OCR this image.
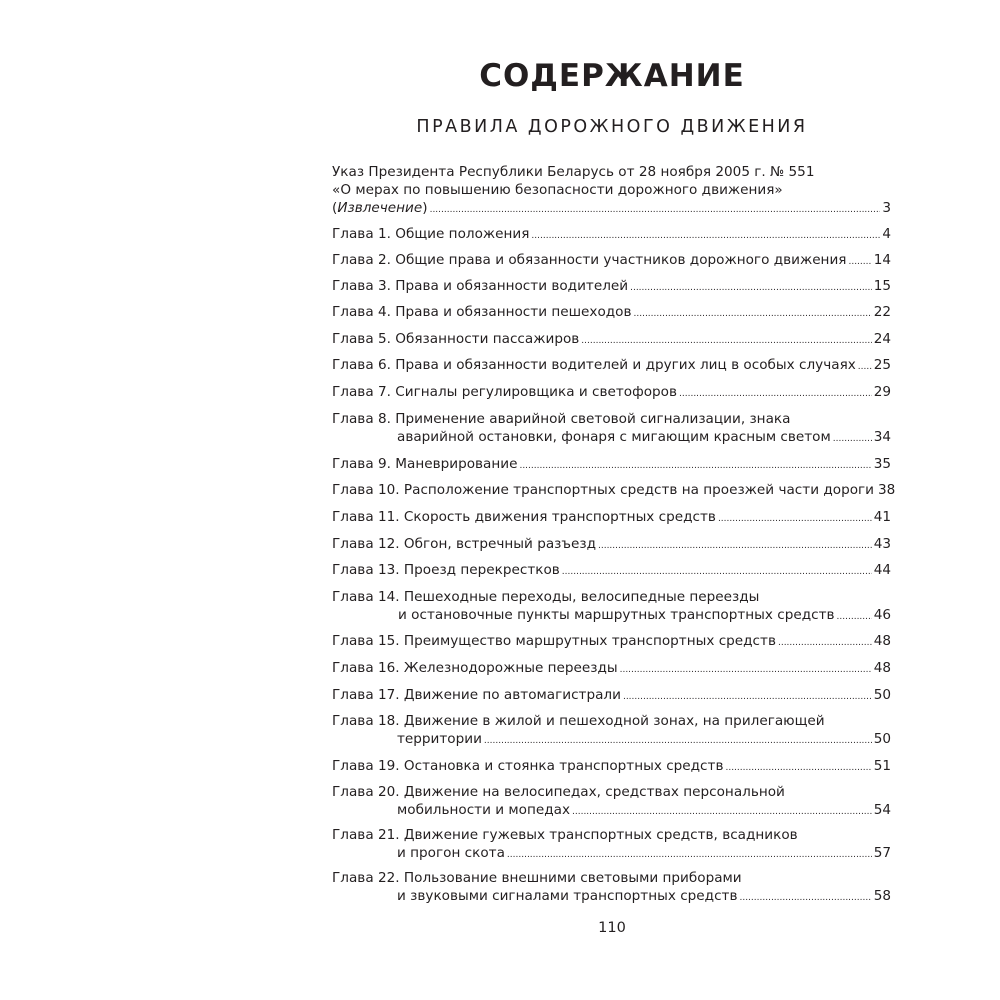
СОДЕРЖАНИЕ
ПРАВИЛА ДОРОЖНОГО ДВИЖЕНИЯ
Указ Президента Республики Беларусь от 28 ноября 2005 г. № 551
«О мерах по повышению безопасности дорожного движения»
(Извлечение) .....	3
Глава 1. Общие положения .....	4
Глава 2. Общие права и обязанности участников дорожного движения ..... 14
Глава 3. Права и обязанности водителей .....	15
Глава 4. Права и обязанности пешеходов .....	22
Глава 5. Обязанности пассажиров .....	24
Глава 6. Права и обязанности водителей и других лиц в особых случаях ..... 25
Глава 7. Сигналы регулировщика и светофоров .....	29
Глава 8. Применение аварийной световой сигнализации, знака
аварийной остановки, фонаря с мигающим красным светом .....	34
Глава 9. Маневрирование .....	35
Глава 10. Расположение транспортных средств на проезжей части дороги 38
Глава 11. Скорость движения транспортных средств .....	41
Глава 12. Обгон, встречный разъезд .....	43
Глава 13. Проезд перекрестков .....	44
Глава 14. Пешеходные переходы, велосипедные переезды
и остановочные пункты маршрутных транспортных средств .....	46
Глава 15. Преимущество маршрутных транспортных средств .....	48
Глава 16. Железнодорожные переезды .....	48
Глава 17. Движение по автомагистрали .....	50
Глава 18. Движение в жилой и пешеходной зонах, на прилегающей
территории .....	50
Глава 19. Остановка и стоянка транспортных средств .....	51
Глава 20. Движение на велосипедах, средствах персональной
мобильности и мопедах .....	54
Глава 21. Движение гужевых транспортных средств, всадников
и прогон скота .....	57
Глава 22. Пользование внешними световыми приборами
и звуковыми сигналами транспортных средств .....	58
110
